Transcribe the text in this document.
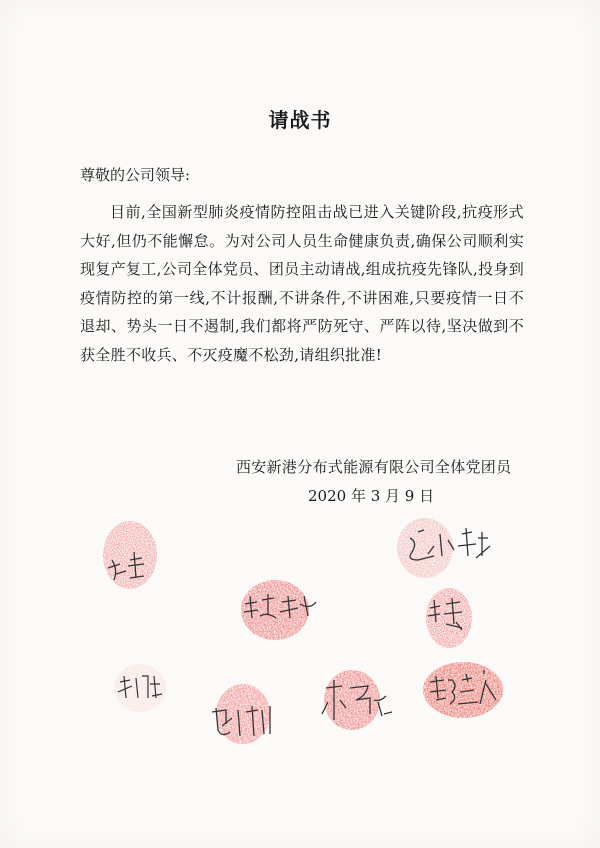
请战书
尊敬的公司领导:
目前,全国新型肺炎疫情防控阻击战已进入关键阶段,抗疫形式大好,但仍不能懈怠。为对公司人员生命健康负责,确保公司顺利实现复产复工,公司全体党员、团员主动请战,组成抗疫先锋队,投身到疫情防控的第一线,不计报酬,不讲条件,不讲困难,只要疫情一日不退却、势头一日不遏制,我们都将严防死守、严阵以待,坚决做到不获全胜不收兵、不灭疫魔不松劲,请组织批准!
西安新港分布式能源有限公司全体党团员
2020 年 3 月 9 日
